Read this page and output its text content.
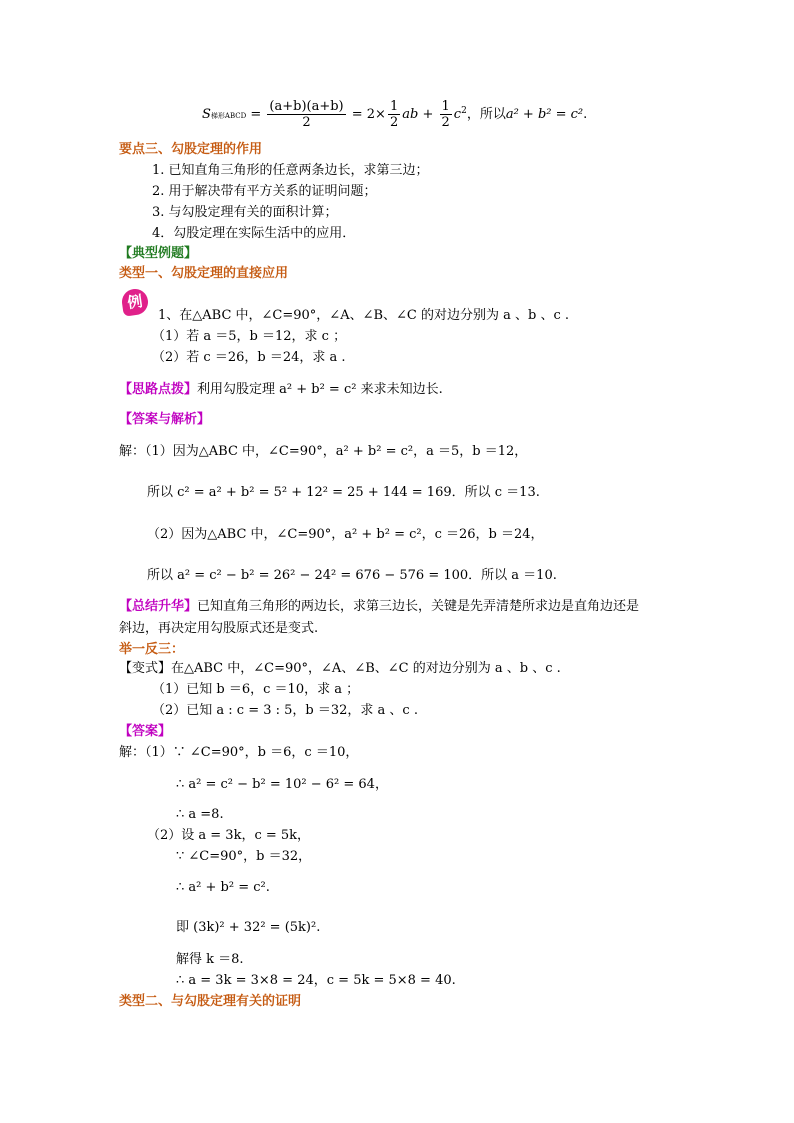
S梯形ABCD = $\frac{(a+b)(a+b)}{2} = 2\times \frac{1}{2}$ ab + $\frac{1}{2} c^2$，所以a² + b² = c².
要点三、勾股定理的作用
1. 已知直角三角形的任意两条边长，求第三边；
2. 用于解决带有平方关系的证明问题；
3. 与勾股定理有关的面积计算；
4．勾股定理在实际生活中的应用．
【典型例题】
类型一、勾股定理的直接应用
例
1、在△ABC 中，∠C=90°，∠A、∠B、∠C 的对边分别为 a 、b 、c .
（1）若 a ＝5，b ＝12，求 c ；
（2）若 c ＝26，b ＝24，求 a .
【思路点拨】利用勾股定理 a² + b² = c² 来求未知边长.
【答案与解析】
解：（1）因为△ABC 中，∠C=90°，a² + b² = c²，a ＝5，b ＝12，
所以 c² = a² + b² = 5² + 12² = 25 + 144 = 169．所以 c ＝13.
（2）因为△ABC 中，∠C=90°，a² + b² = c²，c ＝26，b ＝24，
所以 a² = c² − b² = 26² − 24² = 676 − 576 = 100．所以 a ＝10.
【总结升华】已知直角三角形的两边长，求第三边长，关键是先弄清楚所求边是直角边还是
斜边，再决定用勾股原式还是变式.
举一反三：
【变式】在△ABC 中，∠C=90°，∠A、∠B、∠C 的对边分别为 a 、b 、c .
（1）已知 b ＝6，c ＝10，求 a ；
（2）已知 a : c = 3 : 5，b ＝32，求 a 、c .
【答案】
解：（1）∵ ∠C=90°，b ＝6，c ＝10，
∴ a² = c² − b² = 10² − 6² = 64，
∴ a =8.
（2）设 a = 3k，c = 5k，
∵ ∠C=90°，b ＝32，
∴ a² + b² = c².
即 (3k)² + 32² = (5k)².
解得 k ＝8.
∴ a = 3k = 3×8 = 24，c = 5k = 5×8 = 40.
类型二、与勾股定理有关的证明
